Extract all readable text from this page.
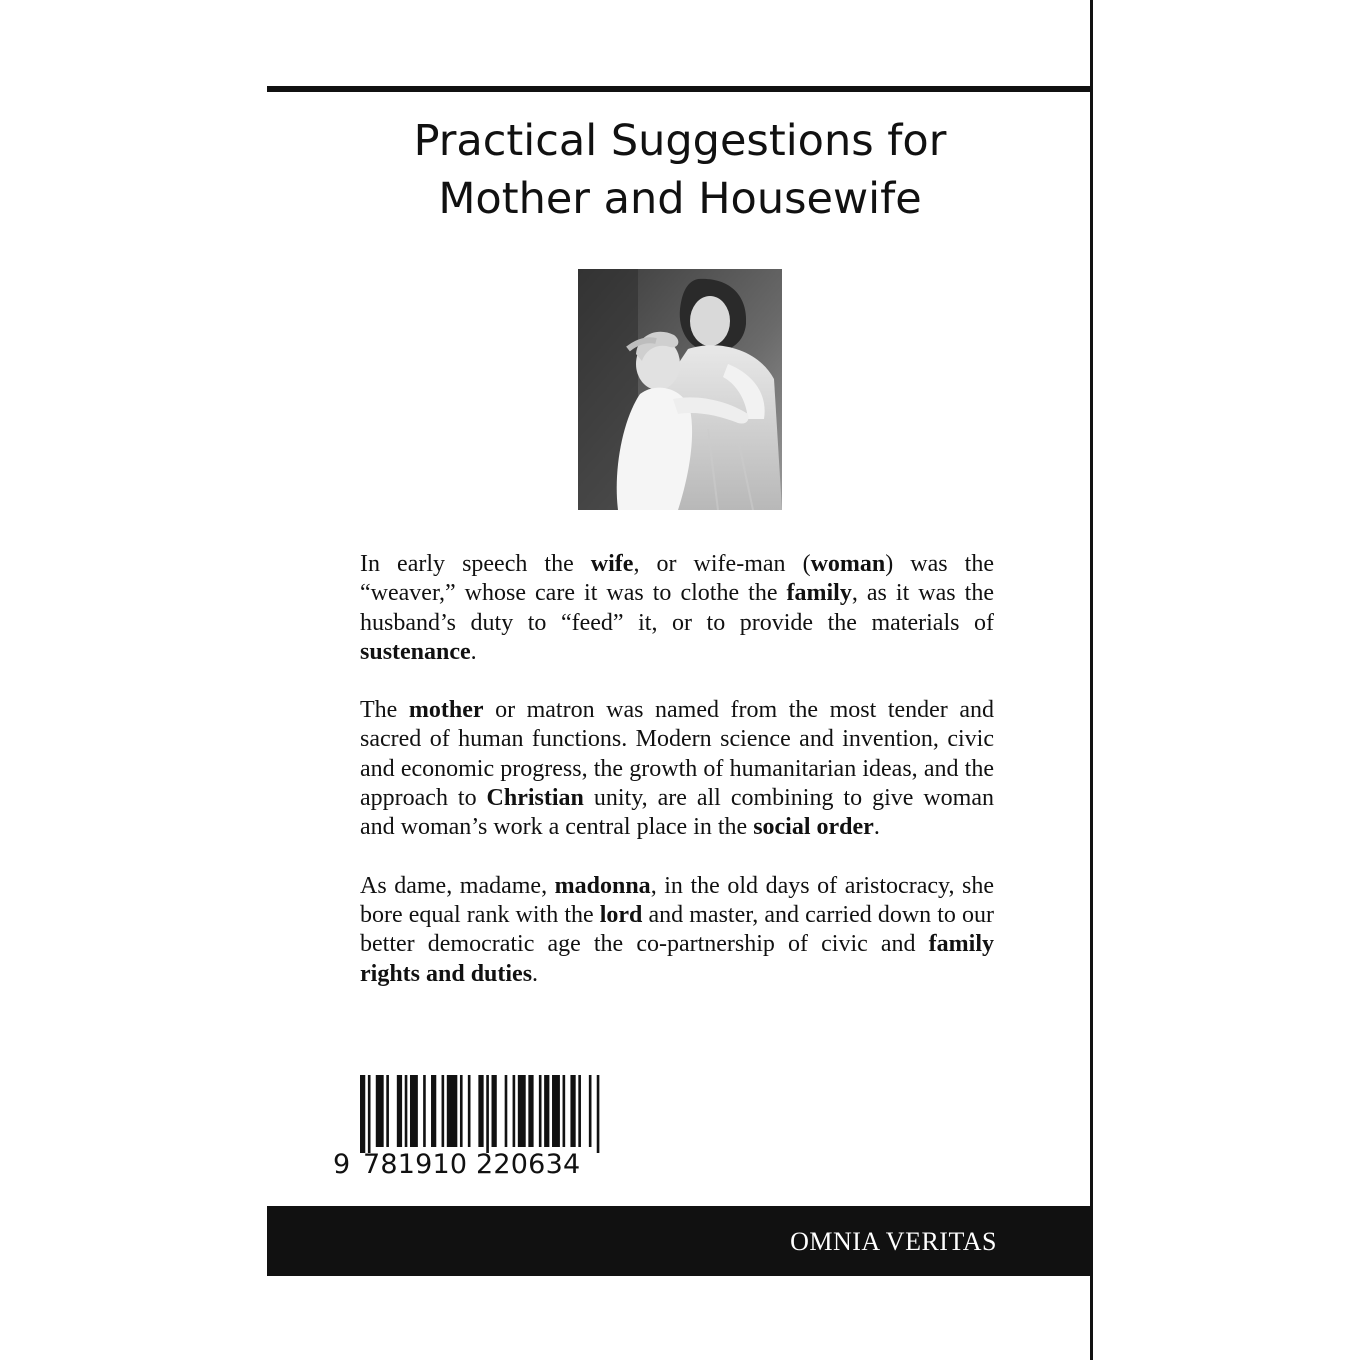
Practical Suggestions for
Mother and Housewife

In early speech the wife, or wife-man (woman) was the “weaver,” whose care it was to clothe the family, as it was the husband’s duty to “feed” it, or to provide the materials of sustenance.

The mother or matron was named from the most tender and sacred of human functions. Modern science and invention, civic and economic progress, the growth of humanitarian ideas, and the approach to Christian unity, are all combining to give woman and woman’s work a central place in the social order.

As dame, madame, madonna, in the old days of aristocracy, she bore equal rank with the lord and master, and carried down to our better democratic age the co-partnership of civic and family rights and duties.

9 781910 220634
OMNIA VERITAS
